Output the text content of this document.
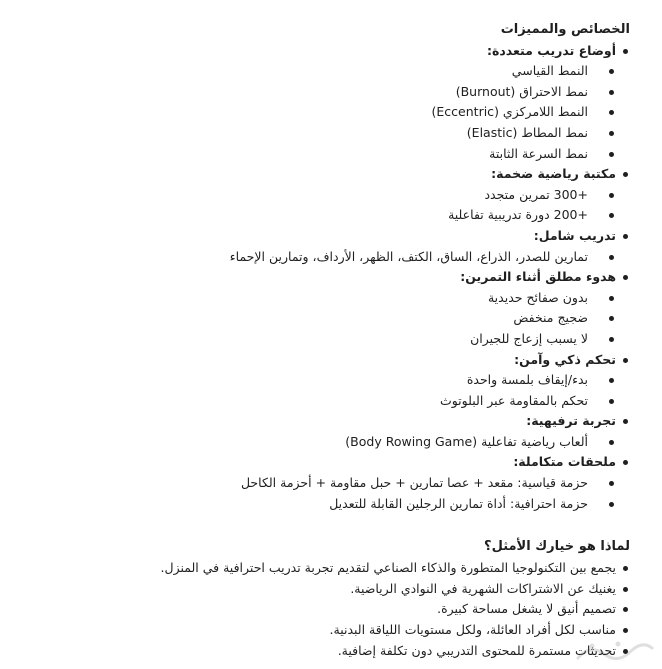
الخصائص والمميزات
أوضاع تدريب متعددة:
النمط القياسي
نمط الاحتراق (Burnout)
النمط اللامركزي (Eccentric)
نمط المطاط (Elastic)
نمط السرعة الثابتة
مكتبة رياضية ضخمة:
+300 تمرين متجدد
+200 دورة تدريبية تفاعلية
تدريب شامل:
تمارين للصدر، الذراع، الساق، الكتف، الظهر، الأرداف، وتمارين الإحماء
هدوء مطلق أثناء التمرين:
بدون صفائح حديدية
ضجيج منخفض
لا يسبب إزعاج للجيران
تحكم ذكي وآمن:
بدء/إيقاف بلمسة واحدة
تحكم بالمقاومة عبر البلوتوث
تجربة ترفيهية:
ألعاب رياضية تفاعلية (Body Rowing Game)
ملحقات متكاملة:
حزمة قياسية: مقعد + عصا تمارين + حبل مقاومة + أحزمة الكاحل
حزمة احترافية: أداة تمارين الرجلين القابلة للتعديل
لماذا هو خيارك الأمثل؟
يجمع بين التكنولوجيا المتطورة والذكاء الصناعي لتقديم تجربة تدريب احترافية في المنزل.
يغنيك عن الاشتراكات الشهرية في النوادي الرياضية.
تصميم أنيق لا يشغل مساحة كبيرة.
مناسب لكل أفراد العائلة، ولكل مستويات اللياقة البدنية.
تحديثات مستمرة للمحتوى التدريبي دون تكلفة إضافية.
